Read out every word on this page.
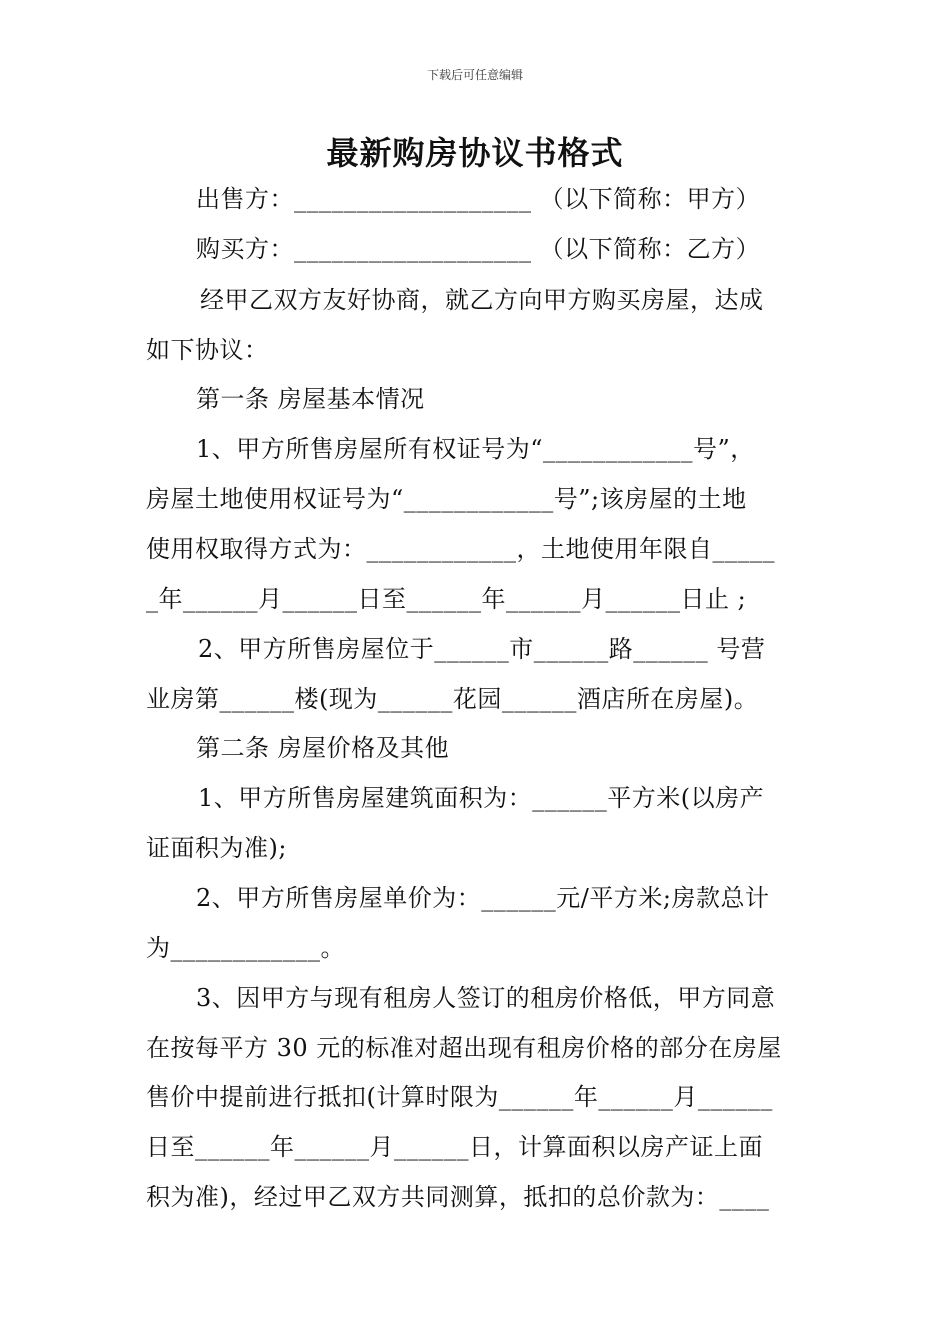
下载后可任意编辑
最新购房协议书格式
出售方：___________________ （以下简称：甲方）
购买方：___________________ （以下简称：乙方）
经甲乙双方友好协商，就乙方向甲方购买房屋，达成
如下协议：
第一条 房屋基本情况
1、甲方所售房屋所有权证号为“____________号”，
房屋土地使用权证号为“____________号”;该房屋的土地
使用权取得方式为：____________，土地使用年限自_____
_年______月______日至______年______月______日止 ;
2、甲方所售房屋位于______市______路______ 号营
业房第______楼(现为______花园______酒店所在房屋)。
第二条 房屋价格及其他
1、甲方所售房屋建筑面积为：______平方米(以房产
证面积为准);
2、甲方所售房屋单价为：______元/平方米;房款总计
为____________。
3、因甲方与现有租房人签订的租房价格低，甲方同意
在按每平方 30 元的标准对超出现有租房价格的部分在房屋
售价中提前进行抵扣(计算时限为______年______月______
日至______年______月______日，计算面积以房产证上面
积为准)，经过甲乙双方共同测算，抵扣的总价款为：____
